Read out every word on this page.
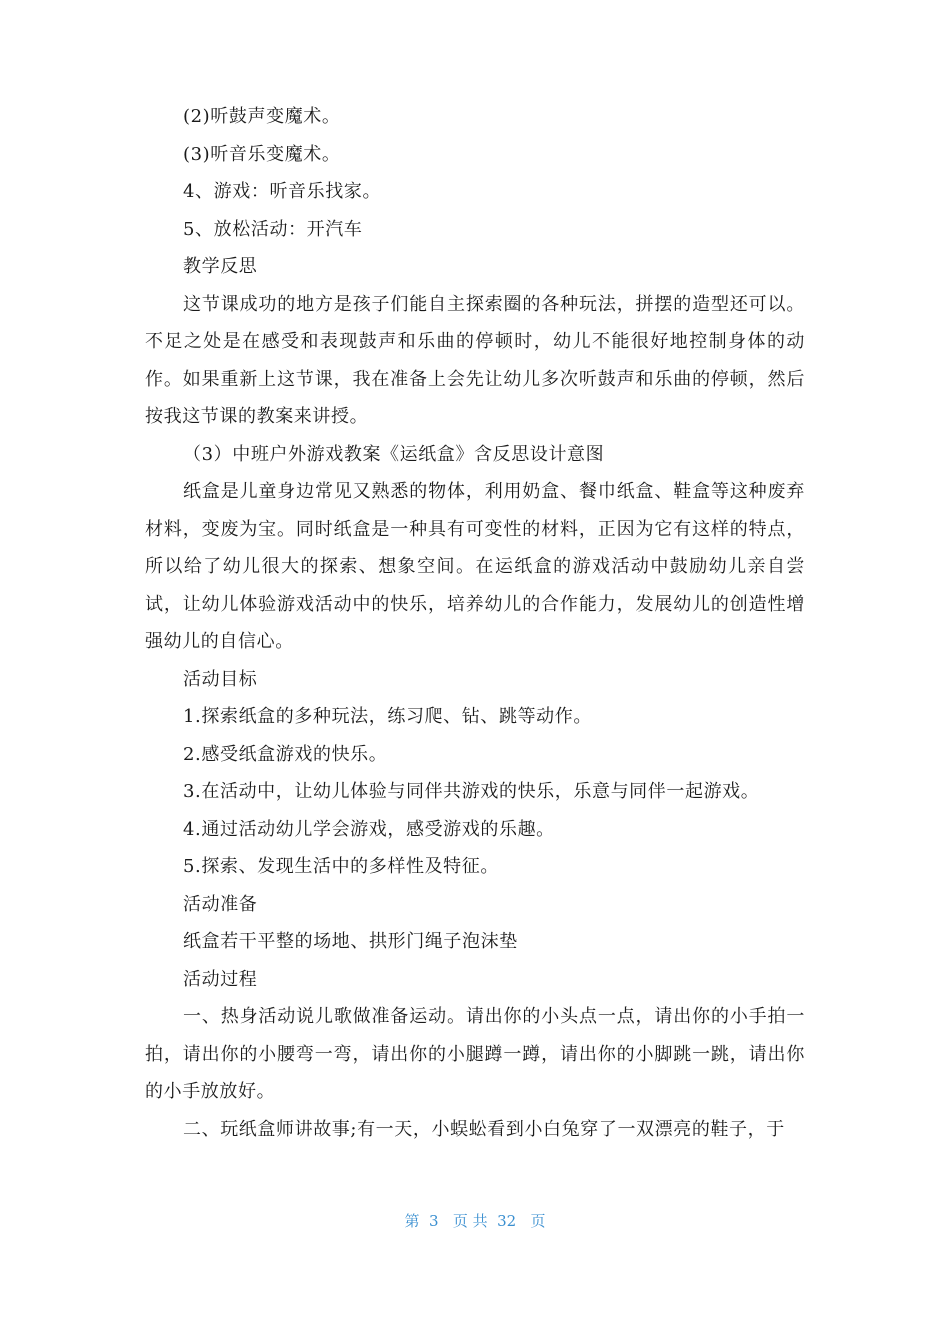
(2)听鼓声变魔术。
(3)听音乐变魔术。
4、游戏：听音乐找家。
5、放松活动：开汽车
教学反思

这节课成功的地方是孩子们能自主探索圈的各种玩法，拼摆的造型还可以。不足之处是在感受和表现鼓声和乐曲的停顿时，幼儿不能很好地控制身体的动作。如果重新上这节课，我在准备上会先让幼儿多次听鼓声和乐曲的停顿，然后按我这节课的教案来讲授。

（3）中班户外游戏教案《运纸盒》含反思设计意图

纸盒是儿童身边常见又熟悉的物体，利用奶盒、餐巾纸盒、鞋盒等这种废弃材料，变废为宝。同时纸盒是一种具有可变性的材料，正因为它有这样的特点，所以给了幼儿很大的探索、想象空间。在运纸盒的游戏活动中鼓励幼儿亲自尝试，让幼儿体验游戏活动中的快乐，培养幼儿的合作能力，发展幼儿的创造性增强幼儿的自信心。

活动目标
1.探索纸盒的多种玩法，练习爬、钻、跳等动作。
2.感受纸盒游戏的快乐。
3.在活动中，让幼儿体验与同伴共游戏的快乐，乐意与同伴一起游戏。
4.通过活动幼儿学会游戏，感受游戏的乐趣。
5.探索、发现生活中的多样性及特征。
活动准备
纸盒若干平整的场地、拱形门绳子泡沫垫
活动过程

一、热身活动说儿歌做准备运动。请出你的小头点一点，请出你的小手拍一拍，请出你的小腰弯一弯，请出你的小腿蹲一蹲，请出你的小脚跳一跳，请出你的小手放放好。

二、玩纸盒师讲故事;有一天，小蜈蚣看到小白兔穿了一双漂亮的鞋子，于

第  3   页 共  32   页
